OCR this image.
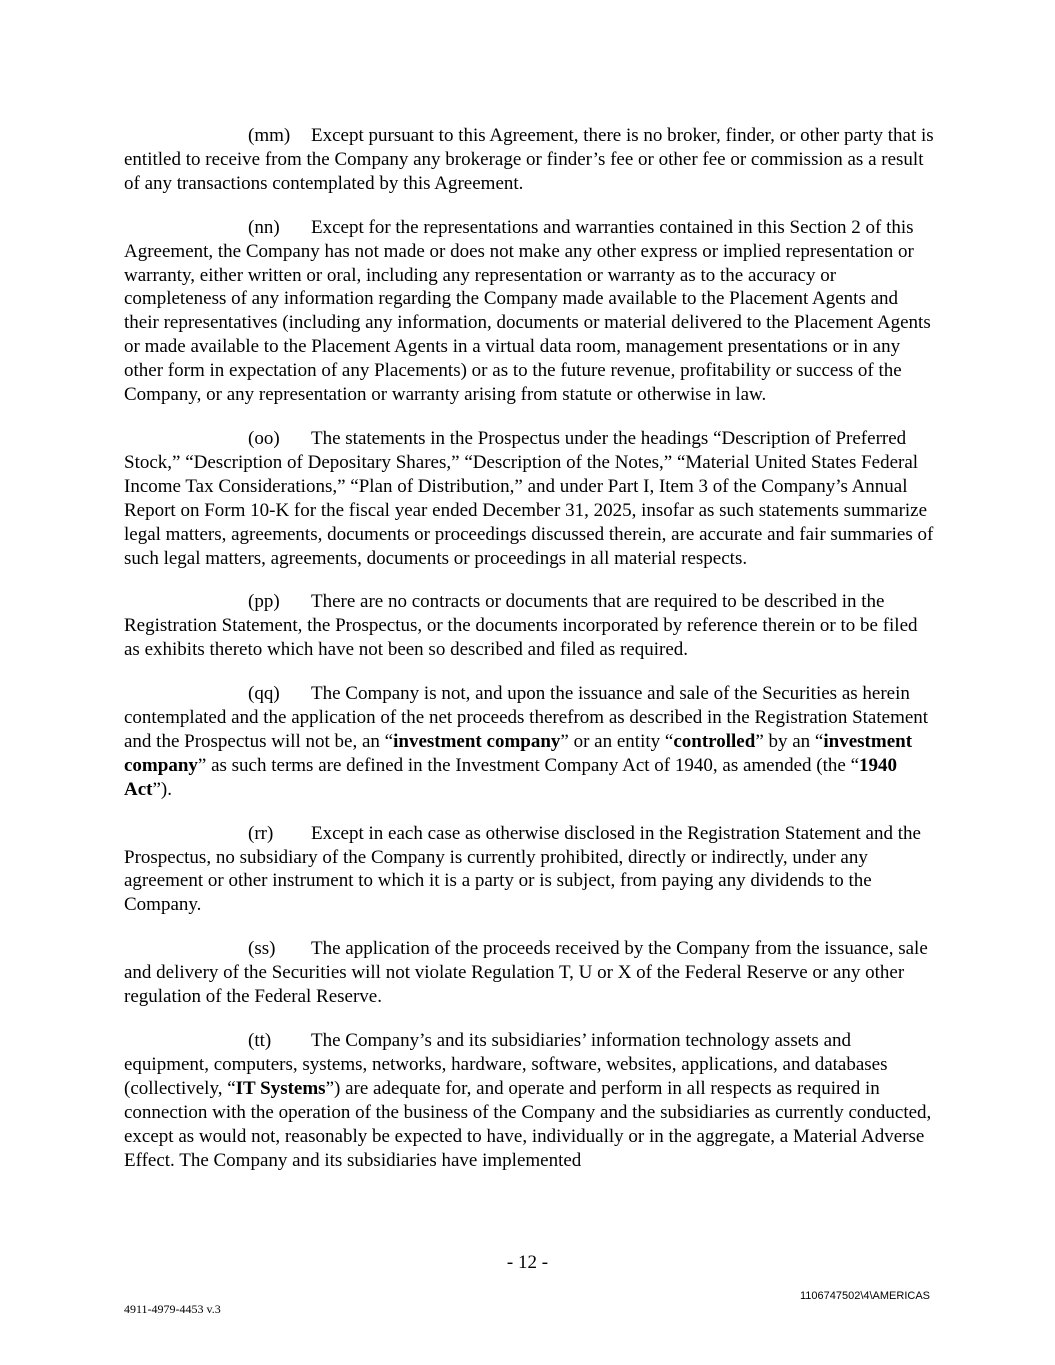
(mm) Except pursuant to this Agreement, there is no broker, finder, or other party that is entitled to receive from the Company any brokerage or finder’s fee or other fee or commission as a result of any transactions contemplated by this Agreement.

(nn) Except for the representations and warranties contained in this Section 2 of this Agreement, the Company has not made or does not make any other express or implied representation or warranty, either written or oral, including any representation or warranty as to the accuracy or completeness of any information regarding the Company made available to the Placement Agents and their representatives (including any information, documents or material delivered to the Placement Agents or made available to the Placement Agents in a virtual data room, management presentations or in any other form in expectation of any Placements) or as to the future revenue, profitability or success of the Company, or any representation or warranty arising from statute or otherwise in law.

(oo) The statements in the Prospectus under the headings “Description of Preferred Stock,” “Description of Depositary Shares,” “Description of the Notes,” “Material United States Federal Income Tax Considerations,” “Plan of Distribution,” and under Part I, Item 3 of the Company’s Annual Report on Form 10-K for the fiscal year ended December 31, 2025, insofar as such statements summarize legal matters, agreements, documents or proceedings discussed therein, are accurate and fair summaries of such legal matters, agreements, documents or proceedings in all material respects.

(pp) There are no contracts or documents that are required to be described in the Registration Statement, the Prospectus, or the documents incorporated by reference therein or to be filed as exhibits thereto which have not been so described and filed as required.

(qq) The Company is not, and upon the issuance and sale of the Securities as herein contemplated and the application of the net proceeds therefrom as described in the Registration Statement and the Prospectus will not be, an “investment company” or an entity “controlled” by an “investment company” as such terms are defined in the Investment Company Act of 1940, as amended (the “1940 Act”).

(rr) Except in each case as otherwise disclosed in the Registration Statement and the Prospectus, no subsidiary of the Company is currently prohibited, directly or indirectly, under any agreement or other instrument to which it is a party or is subject, from paying any dividends to the Company.

(ss) The application of the proceeds received by the Company from the issuance, sale and delivery of the Securities will not violate Regulation T, U or X of the Federal Reserve or any other regulation of the Federal Reserve.

(tt) The Company’s and its subsidiaries’ information technology assets and equipment, computers, systems, networks, hardware, software, websites, applications, and databases (collectively, “IT Systems”) are adequate for, and operate and perform in all respects as required in connection with the operation of the business of the Company and the subsidiaries as currently conducted, except as would not, reasonably be expected to have, individually or in the aggregate, a Material Adverse Effect. The Company and its subsidiaries have implemented

- 12 -
4911-4979-4453 v.3
1106747502\4\AMERICAS
